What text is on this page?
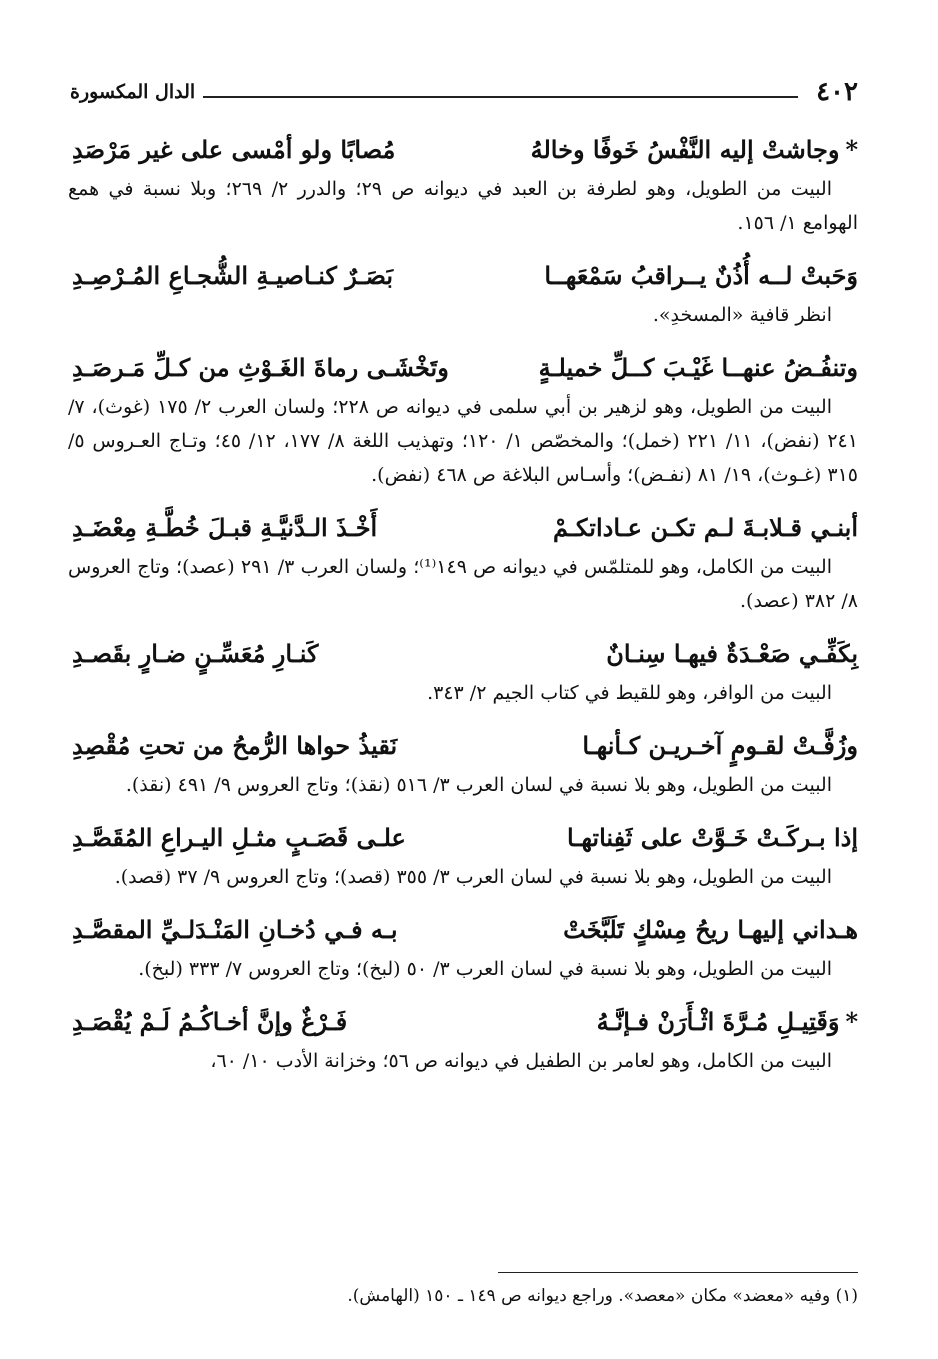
٤٠٢
الدال المكسورة
*وجاشتْ إليه النَّفْسُ خَوفًا وخالهُ
مُصابًا ولو أمْسى على غير مَرْصَدِ
البيت من الطويل، وهو لطرفة بن العبد في ديوانه ص ٢٩؛ والدرر ٢/ ٢٦٩؛ وبلا نسبة في همع الهوامع ١/ ١٥٦.
وَحَبتْ لــه أُذُنٌ يــراقبُ سَمْعَهــا
بَصَـرٌ كنـاصيـةِ الشُّجـاعِ المُـرْصِـدِ
انظر قافية «المسخدِ».
وتنفُـضُ عنهــا غَيْـبَ كــلِّ خميلـةٍ
وتَخْشَـى رماةَ الغَـوْثِ من كـلِّ مَـرصَـدِ
البيت من الطويل، وهو لزهير بن أبي سلمى في ديوانه ص ٢٢٨؛ ولسان العرب ٢/ ١٧٥ (غوث)، ٧/ ٢٤١ (نفض)، ١١/ ٢٢١ (خمل)؛ والمخصّص ١/ ١٢٠؛ وتهذيب اللغة ٨/ ١٧٧، ١٢/ ٤٥؛ وتـاج العـروس ٥/ ٣١٥ (غـوث)، ١٩/ ٨١ (نفـض)؛ وأسـاس البلاغة ص ٤٦٨ (نفض).
أبنـي قـلابـةَ لـم تكـن عـاداتكـمْ
أَخْـذَ الـدَّنيَّـةِ قبـلَ خُطَّـةِ مِعْضَـدِ
البيت من الكامل، وهو للمتلمّس في ديوانه ص ١٤٩⁽¹⁾؛ ولسان العرب ٣/ ٢٩١ (عصد)؛ وتاج العروس ٨/ ٣٨٢ (عصد).
بِكَفِّـي صَعْـدَةٌ فيهـا سِنـانٌ
كَنـارِ مُعَسِّـنٍ ضـارٍ بقَصـدِ
البيت من الوافر، وهو للقيط في كتاب الجيم ٢/ ٣٤٣.
وزُفَّـتْ لقـومٍ آخـريـن كـأنهـا
نَقيذُ حواها الرُّمحُ من تحتِ مُقْصِدِ
البيت من الطويل، وهو بلا نسبة في لسان العرب ٣/ ٥١٦ (نقذ)؛ وتاج العروس ٩/ ٤٩١ (نقذ).
إذا بـركَـتْ خَـوَّتْ على ثَفِناتهـا
علـى قَصَـبٍ مثـلِ اليـراعِ المُقَصَّـدِ
البيت من الطويل، وهو بلا نسبة في لسان العرب ٣/ ٣٥٥ (قصد)؛ وتاج العروس ٩/ ٣٧ (قصد).
هـداني إليهـا ريحُ مِسْكٍ تَلَبَّخَتْ
بـه فـي دُخـانِ المَنْـدَلـيِّ المقصَّـدِ
البيت من الطويل، وهو بلا نسبة في لسان العرب ٣/ ٥٠ (لبخ)؛ وتاج العروس ٧/ ٣٣٣ (لبخ).
*وَقَتِيـلِ مُـرَّةَ اثْـأَرَنْ فـإنَّـهُ
فَـرْغٌ وإنَّ أخـاكُـمُ لَـمْ يُقْصَـدِ
البيت من الكامل، وهو لعامر بن الطفيل في ديوانه ص ٥٦؛ وخزانة الأدب ١٠/ ٦٠،
(١) وفيه «معضد» مكان «معصد». وراجع ديوانه ص ١٤٩ ـ ١٥٠ (الهامش).
